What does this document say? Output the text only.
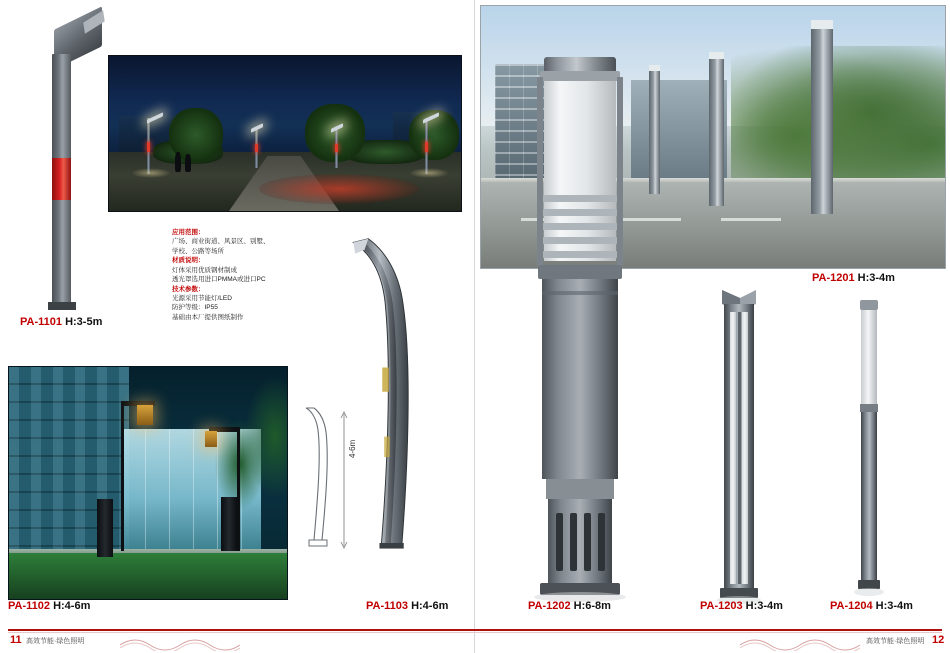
PA-1101 H:3-5m

应用范围：

广场、商业街道、风景区、别墅、

学校、公路等场所

材质说明：

灯体采用优质钢材制成

透光罩选用进口PMMA或进口PC

技术参数：

光源采用节能灯/LED

防护等级：IP55

基础由本厂提供图纸制作

PA-1102 H:4-6m
4-6m
PA-1103 H:4-6m
PA-1201 H:3-4m
PA-1202 H:6-8m	PA-1203 H:3-4m	PA-1204 H:3-4m
11 高效节能·绿色照明	12
高效节能·绿色照明
